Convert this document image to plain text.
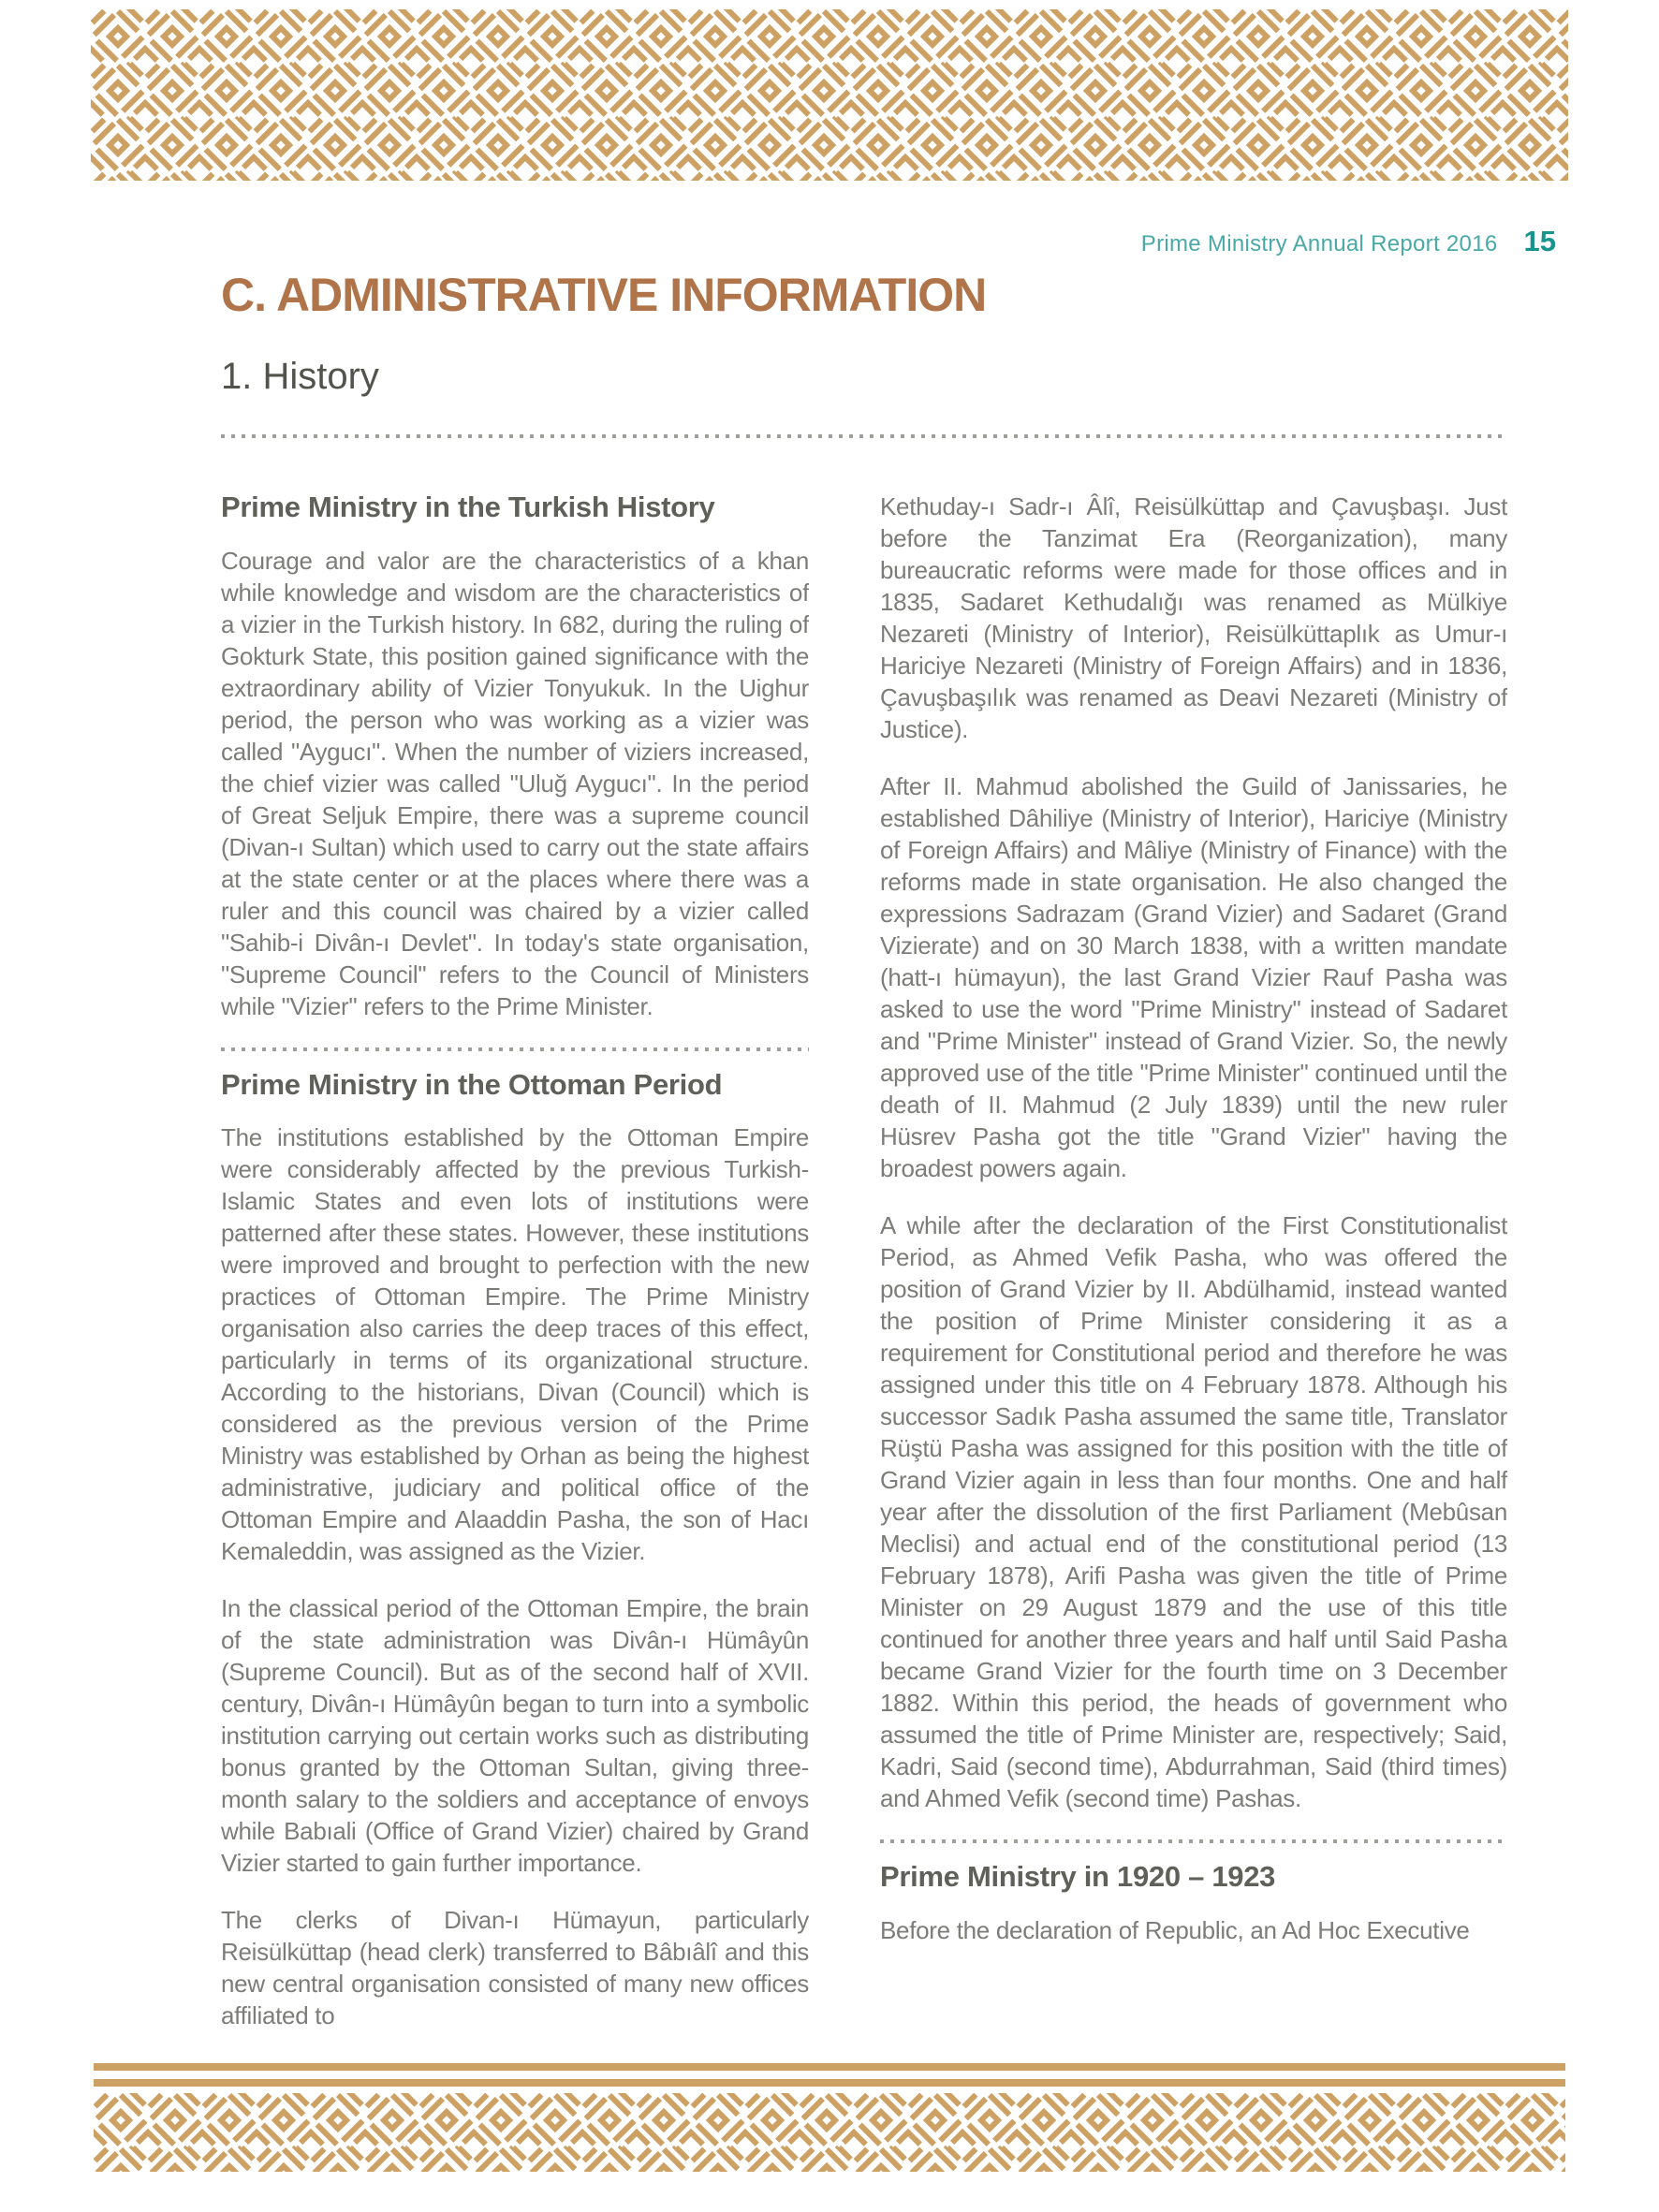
Prime Ministry Annual Report 2016 15
C. ADMINISTRATIVE INFORMATION
1. History
Prime Ministry in the Turkish History

Courage and valor are the characteristics of a khan while knowledge and wisdom are the characteristics of a vizier in the Turkish history. In 682, during the ruling of Gokturk State, this position gained significance with the extraordinary ability of Vizier Tonyukuk. In the Uighur period, the person who was working as a vizier was called "Aygucı". When the number of viziers increased, the chief vizier was called "Uluğ Aygucı". In the period of Great Seljuk Empire, there was a supreme council (Divan-ı Sultan) which used to carry out the state affairs at the state center or at the places where there was a ruler and this council was chaired by a vizier called "Sahib-i Divân-ı Devlet". In today's state organisation, "Supreme Council" refers to the Council of Ministers while "Vizier" refers to the Prime Minister.

Prime Ministry in the Ottoman Period

The institutions established by the Ottoman Empire were considerably affected by the previous Turkish-Islamic States and even lots of institutions were patterned after these states. However, these institutions were improved and brought to perfection with the new practices of Ottoman Empire. The Prime Ministry organisation also carries the deep traces of this effect, particularly in terms of its organizational structure. According to the historians, Divan (Council) which is considered as the previous version of the Prime Ministry was established by Orhan as being the highest administrative, judiciary and political office of the Ottoman Empire and Alaaddin Pasha, the son of Hacı Kemaleddin, was assigned as the Vizier.

In the classical period of the Ottoman Empire, the brain of the state administration was Divân-ı Hümâyûn (Supreme Council). But as of the second half of XVII. century, Divân-ı Hümâyûn began to turn into a symbolic institution carrying out certain works such as distributing bonus granted by the Ottoman Sultan, giving three-month salary to the soldiers and acceptance of envoys while Babıali (Office of Grand Vizier) chaired by Grand Vizier started to gain further importance.

The clerks of Divan-ı Hümayun, particularly Reisülküttap (head clerk) transferred to Bâbıâlî and this new central organisation consisted of many new offices affiliated to

Kethuday-ı Sadr-ı Âlî, Reisülküttap and Çavuşbaşı. Just before the Tanzimat Era (Reorganization), many bureaucratic reforms were made for those offices and in 1835, Sadaret Kethudalığı was renamed as Mülkiye Nezareti (Ministry of Interior), Reisülküttaplık as Umur-ı Hariciye Nezareti (Ministry of Foreign Affairs) and in 1836, Çavuşbaşılık was renamed as Deavi Nezareti (Ministry of Justice).

After II. Mahmud abolished the Guild of Janissaries, he established Dâhiliye (Ministry of Interior), Hariciye (Ministry of Foreign Affairs) and Mâliye (Ministry of Finance) with the reforms made in state organisation. He also changed the expressions Sadrazam (Grand Vizier) and Sadaret (Grand Vizierate) and on 30 March 1838, with a written mandate (hatt-ı hümayun), the last Grand Vizier Rauf Pasha was asked to use the word "Prime Ministry" instead of Sadaret and "Prime Minister" instead of Grand Vizier. So, the newly approved use of the title "Prime Minister" continued until the death of II. Mahmud (2 July 1839) until the new ruler Hüsrev Pasha got the title "Grand Vizier" having the broadest powers again.

A while after the declaration of the First Constitutionalist Period, as Ahmed Vefik Pasha, who was offered the position of Grand Vizier by II. Abdülhamid, instead wanted the position of Prime Minister considering it as a requirement for Constitutional period and therefore he was assigned under this title on 4 February 1878. Although his successor Sadık Pasha assumed the same title, Translator Rüştü Pasha was assigned for this position with the title of Grand Vizier again in less than four months. One and half year after the dissolution of the first Parliament (Mebûsan Meclisi) and actual end of the constitutional period (13 February 1878), Arifi Pasha was given the title of Prime Minister on 29 August 1879 and the use of this title continued for another three years and half until Said Pasha became Grand Vizier for the fourth time on 3 December 1882. Within this period, the heads of government who assumed the title of Prime Minister are, respectively; Said, Kadri, Said (second time), Abdurrahman, Said (third times) and Ahmed Vefik (second time) Pashas.

Prime Ministry in 1920 – 1923

Before the declaration of Republic, an Ad Hoc Executive
